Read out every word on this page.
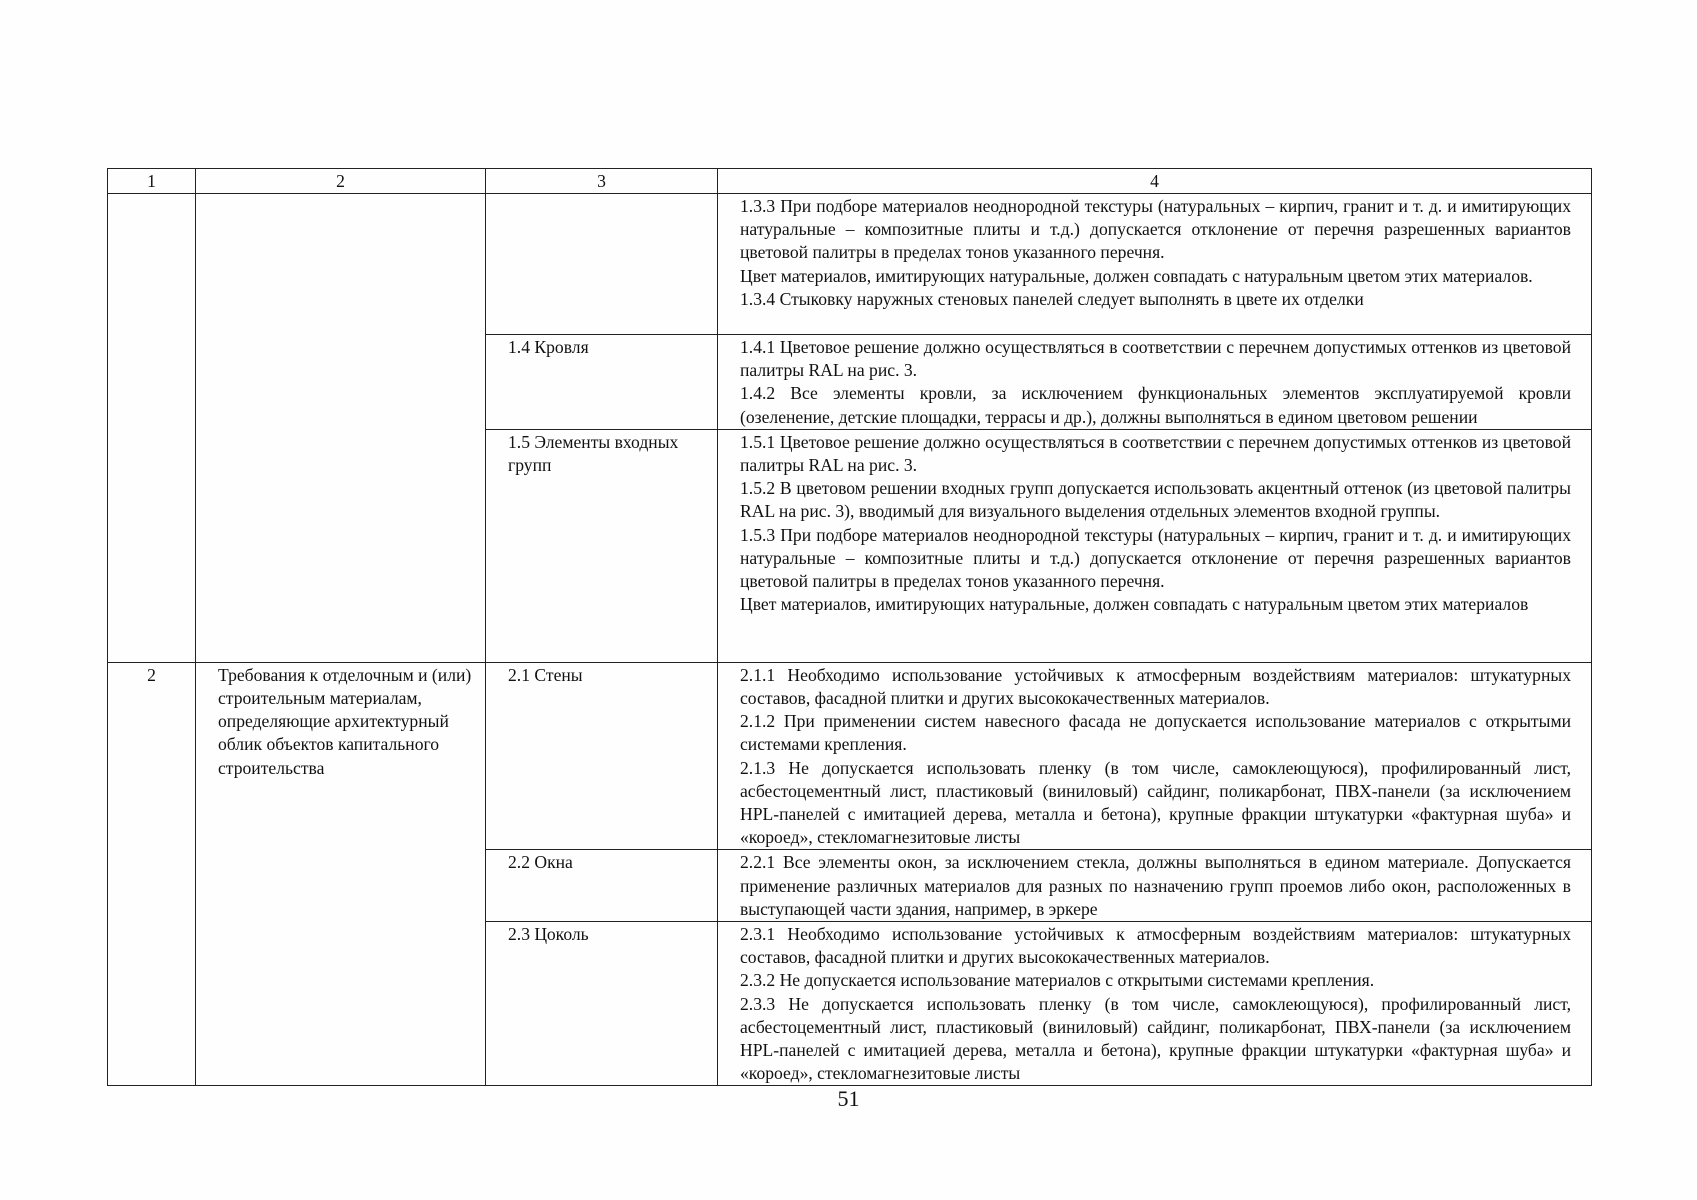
1	2	3	4

			1.3.3 При подборе материалов неоднородной текстуры (натуральных – кирпич, гранит и т. д. и имитирующих натуральные – композитные плиты и т.д.) допускается отклонение от перечня разрешенных вариантов цветовой палитры в пределах тонов указанного перечня.
Цвет материалов, имитирующих натуральные, должен совпадать с натуральным цветом этих материалов.
1.3.4 Стыковку наружных стеновых панелей следует выполнять в цвете их отделки

		1.4 Кровля	1.4.1 Цветовое решение должно осуществляться в соответствии с перечнем допустимых оттенков из цветовой палитры RAL на рис. 3.
1.4.2 Все элементы кровли, за исключением функциональных элементов эксплуатируемой кровли (озеленение, детские площадки, террасы и др.), должны выполняться в едином цветовом решении

		1.5 Элементы входных групп	1.5.1 Цветовое решение должно осуществляться в соответствии с перечнем допустимых оттенков из цветовой палитры RAL на рис. 3.
1.5.2 В цветовом решении входных групп допускается использовать акцентный оттенок (из цветовой палитры RAL на рис. 3), вводимый для визуального выделения отдельных элементов входной группы.
1.5.3 При подборе материалов неоднородной текстуры (натуральных – кирпич, гранит и т. д. и имитирующих натуральные – композитные плиты и т.д.) допускается отклонение от перечня разрешенных вариантов цветовой палитры в пределах тонов указанного перечня.
Цвет материалов, имитирующих натуральные, должен совпадать с натуральным цветом этих материалов

2	Требования к отделочным и (или) строительным материалам, определяющие архитектурный облик объектов капитального строительства	2.1 Стены	2.1.1 Необходимо использование устойчивых к атмосферным воздействиям материалов: штукатурных составов, фасадной плитки и других высококачественных материалов.
2.1.2 При применении систем навесного фасада не допускается использование материалов с открытыми системами крепления.
2.1.3 Не допускается использовать пленку (в том числе, самоклеющуюся), профилированный лист, асбестоцементный лист, пластиковый (виниловый) сайдинг, поликарбонат, ПВХ-панели (за исключением HPL-панелей с имитацией дерева, металла и бетона), крупные фракции штукатурки «фактурная шуба» и «короед», стекломагнезитовые листы

		2.2 Окна	2.2.1 Все элементы окон, за исключением стекла, должны выполняться в едином материале. Допускается применение различных материалов для разных по назначению групп проемов либо окон, расположенных в выступающей части здания, например, в эркере

		2.3 Цоколь	2.3.1 Необходимо использование устойчивых к атмосферным воздействиям материалов: штукатурных составов, фасадной плитки и других высококачественных материалов.
2.3.2 Не допускается использование материалов с открытыми системами крепления.
2.3.3 Не допускается использовать пленку (в том числе, самоклеющуюся), профилированный лист, асбестоцементный лист, пластиковый (виниловый) сайдинг, поликарбонат, ПВХ-панели (за исключением HPL-панелей с имитацией дерева, металла и бетона), крупные фракции штукатурки «фактурная шуба» и «короед», стекломагнезитовые листы
51
